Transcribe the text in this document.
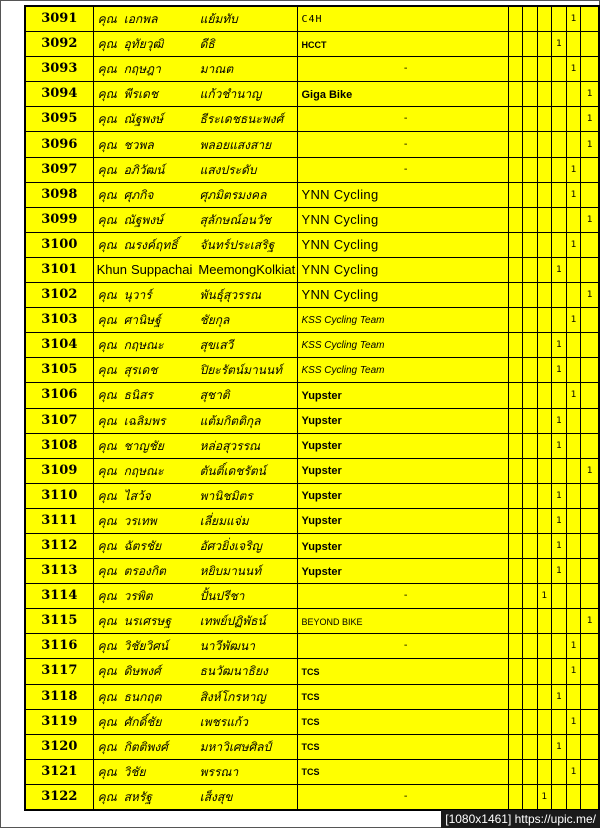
3091	คุณ เอกพล แย้มทับ	C4H					1	
3092	คุณ อุทัยวุฒิ ดีธิ	HCCT				1		
3093	คุณ กฤษฎา มาณต	-					1	
3094	คุณ พีรเดช แก้วชำนาญ	Giga Bike						1
3095	คุณ ณัฐพงษ์ ธีระเดชธนะพงศ์	-						1
3096	คุณ ชวพล พลอยแสงสาย	-						1
3097	คุณ อภิวัฒน์ แสงประดับ	-					1	
3098	คุณ ศุภกิจ ศุภมิตรมงคล	YNN Cycling					1	
3099	คุณ ณัฐพงษ์ สุลักษณ์อนวัช	YNN Cycling						1
3100	คุณ ณรงค์ฤทธิ์ จันทร์ประเสริฐ	YNN Cycling					1	
3101	Khun Suppachai MeemongKolkiat	YNN Cycling				1		
3102	คุณ นุวาร์ พันธุ์สุวรรณ	YNN Cycling						1
3103	คุณ ศานิษฐ์ ชัยกุล	KSS Cycling Team					1	
3104	คุณ กฤษณะ สุขเสวี	KSS Cycling Team				1		
3105	คุณ สุรเดช ปิยะรัตน์มานนท์	KSS Cycling Team				1		
3106	คุณ ธนิสร สุชาติ	Yupster					1	
3107	คุณ เฉลิมพร แต้มกิตติกุล	Yupster				1		
3108	คุณ ชาญชัย หล่อสุวรรณ	Yupster				1		
3109	คุณ กฤษณะ ตันติ์เดชรัตน์	Yupster						1
3110	คุณ ไสว้จ พานิชมิตร	Yupster				1		
3111	คุณ วรเทพ เลี่ยมแจ่ม	Yupster				1		
3112	คุณ ฉัตรชัย อัศวยิ่งเจริญ	Yupster				1		
3113	คุณ ตรองกิต หยิบมานนท์	Yupster				1		
3114	คุณ วรพิต ปั้นปรีชา	-			1			
3115	คุณ นรเศรษฐ เทพย์ปฏิพัธน์	BEYOND BIKE						1
3116	คุณ วิชัยวิศน์ นาวีพัฒนา	-					1	
3117	คุณ ดิษพงศ์ ธนวัฒนาธิยง	TCS					1	
3118	คุณ ธนกฤต สิงห์โกรหาญ	TCS				1		
3119	คุณ ศักดิ์ชัย เพชรแก้ว	TCS					1	
3120	คุณ กิตติพงศ์ มหาวิเศษศิลป์	TCS				1		
3121	คุณ วิชัย พรรณา	TCS					1	
3122	คุณ สหรัฐ เส็งสุข	-			1			
[1080x1461] https://upic.me/
